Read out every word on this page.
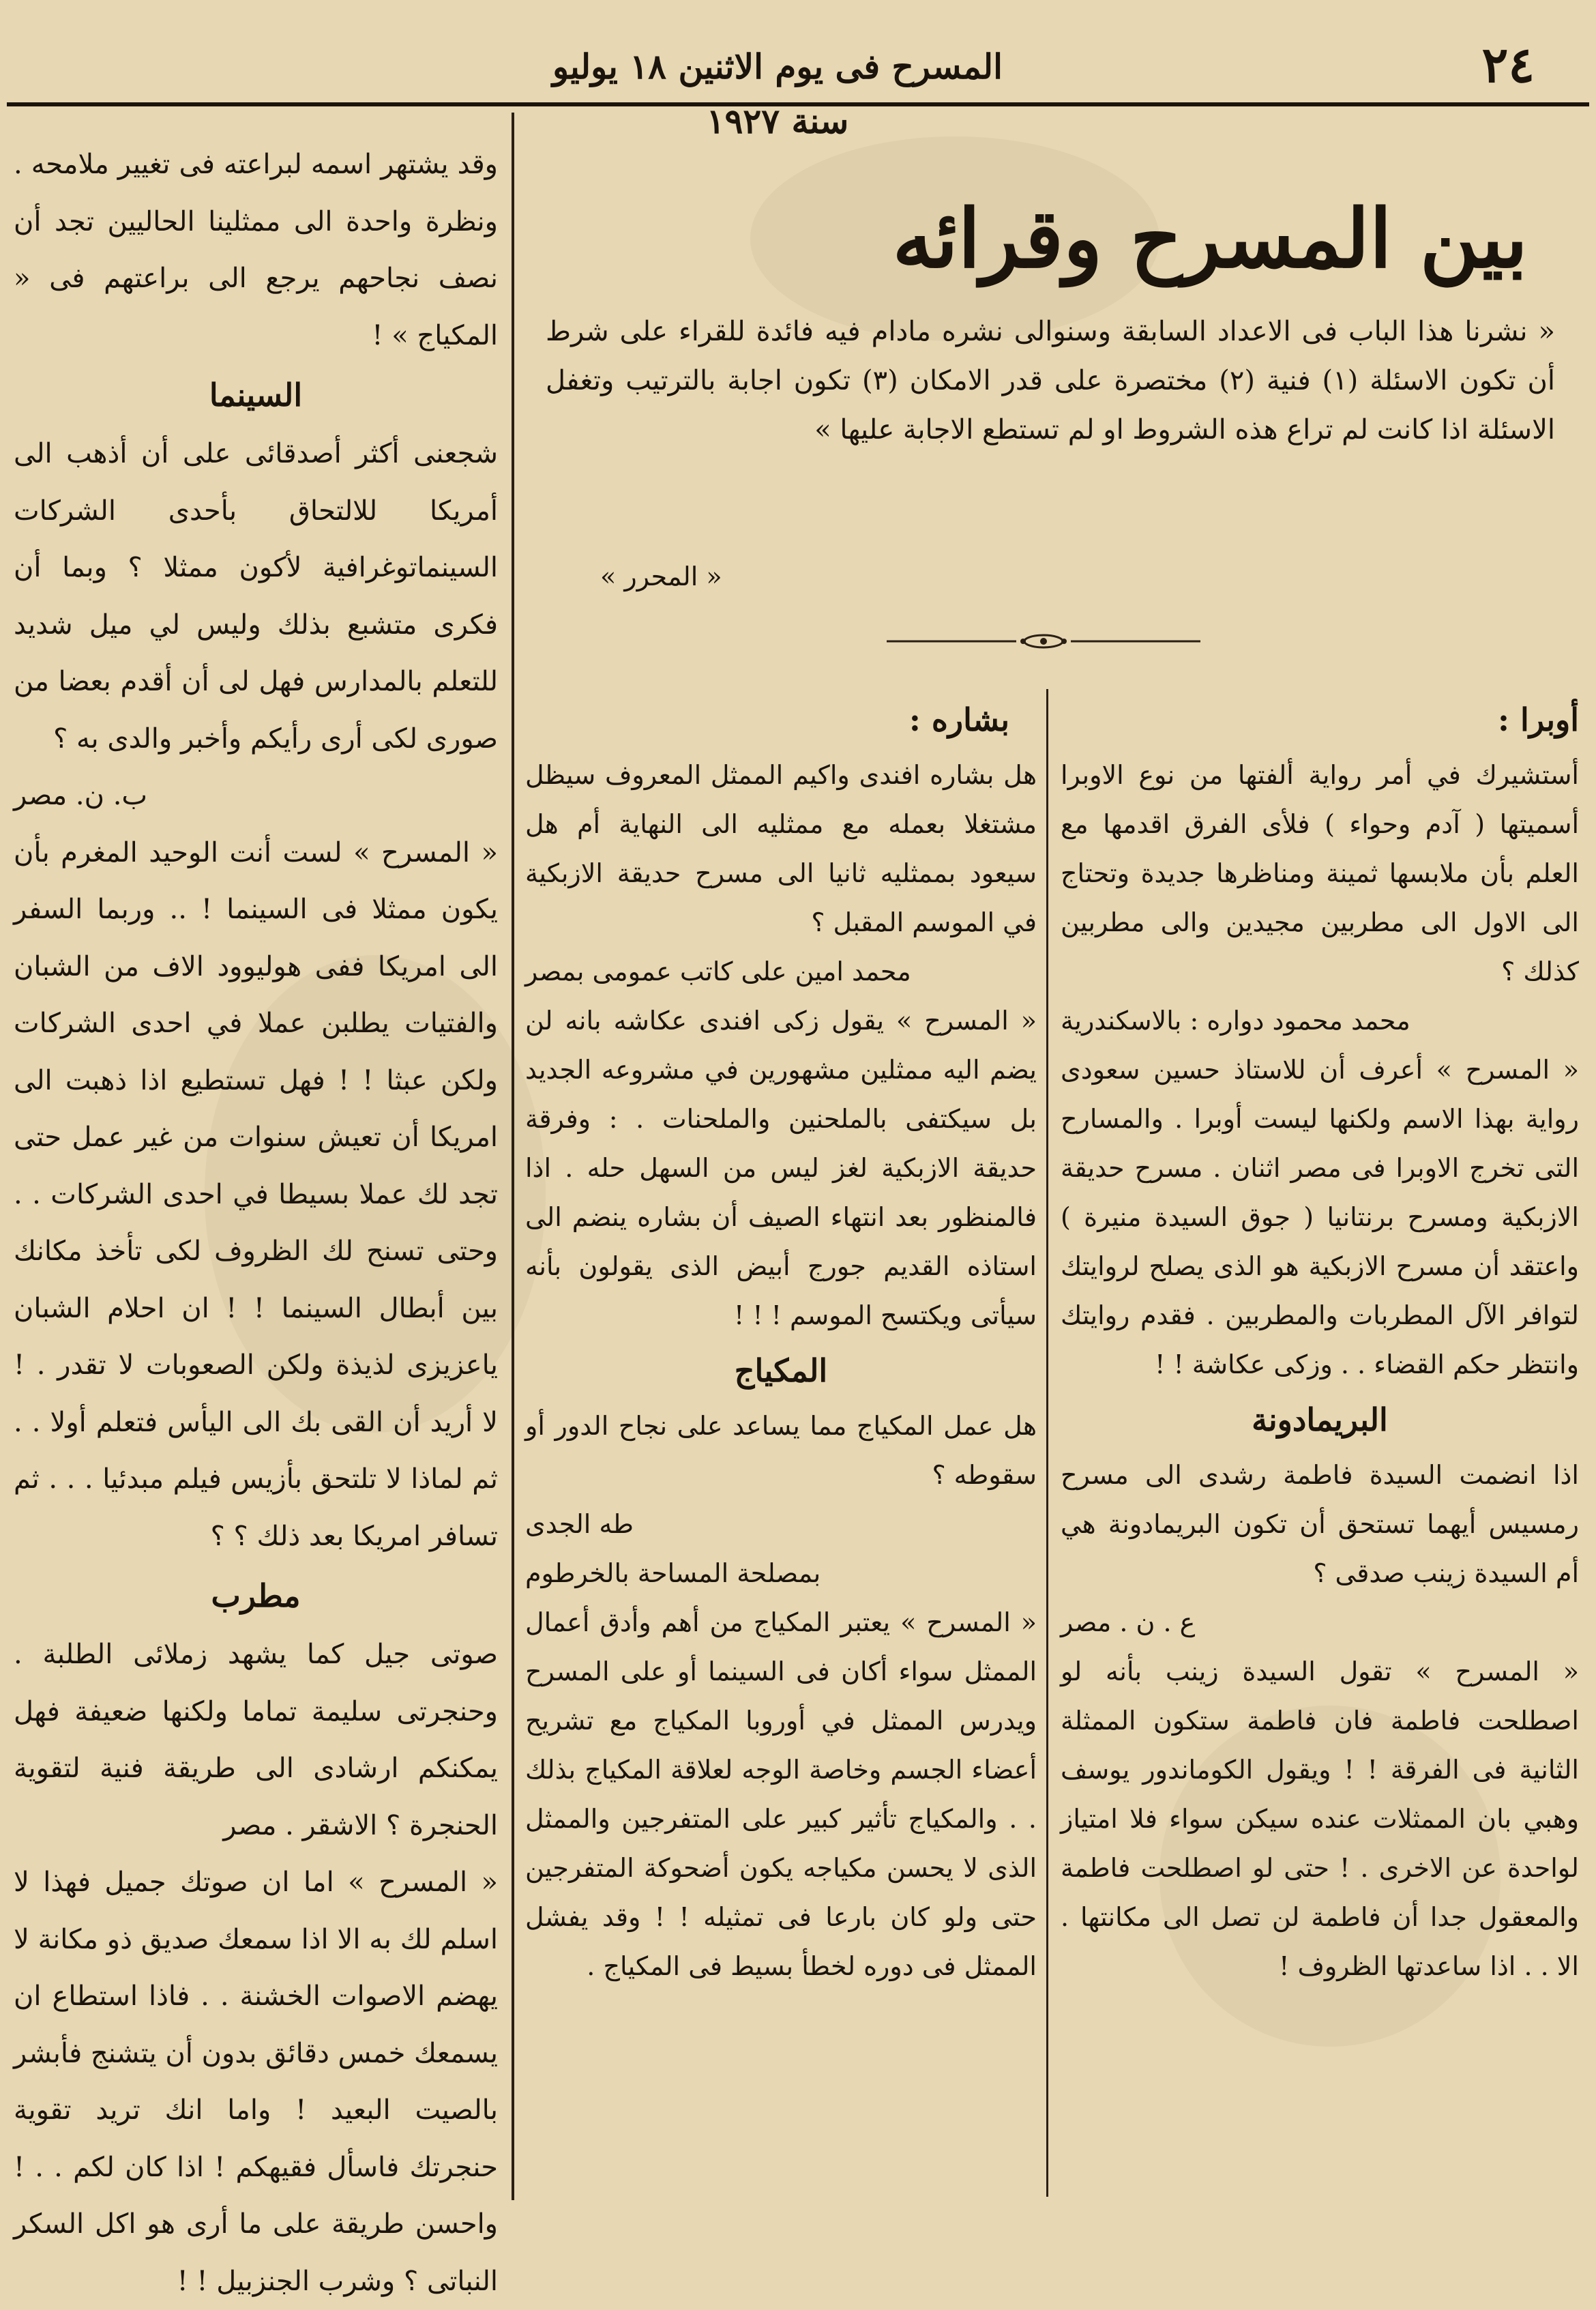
٢٤
المسرح فى يوم الاثنين ١٨ يوليو سنة ١٩٢٧

وقد يشتهر اسمه لبراعته فى تغيير ملامحه . ونظرة واحدة الى ممثلينا الحاليين تجد أن نصف نجاحهم يرجع الى براعتهم فى « المكياج » !

السينما

شجعنى أكثر أصدقائى على أن أذهب الى أمريكا للالتحاق بأحدى الشركات السينماتوغرافية لأكون ممثلا ؟ وبما أن فكرى متشبع بذلك وليس لي ميل شديد للتعلم بالمدارس فهل لى أن أقدم بعضا من صورى لكى أرى رأيكم وأخبر والدى به ؟

ب. ن. مصر

« المسرح » لست أنت الوحيد المغرم بأن يكون ممثلا فى السينما ! .. وربما السفر الى امريكا ففى هوليوود الاف من الشبان والفتيات يطلبن عملا في احدى الشركات ولكن عبثا ! ! فهل تستطيع اذا ذهبت الى امريكا أن تعيش سنوات من غير عمل حتى تجد لك عملا بسيطا في احدى الشركات . . وحتى تسنح لك الظروف لكى تأخذ مكانك بين أبطال السينما ! ! ان احلام الشبان ياعزيزى لذيذة ولكن الصعوبات لا تقدر . ! لا أريد أن القى بك الى اليأس فتعلم أولا . . ثم لماذا لا تلتحق بأزيس فيلم مبدئيا . . . ثم تسافر امريكا بعد ذلك ؟ ؟

مطرب

صوتى جيل كما يشهد زملائى الطلبة . وحنجرتى سليمة تماما ولكنها ضعيفة فهل يمكنكم ارشادى الى طريقة فنية لتقوية الحنجرة ؟ الاشقر . مصر

« المسرح » اما ان صوتك جميل فهذا لا اسلم لك به الا اذا سمعك صديق ذو مكانة لا يهضم الاصوات الخشنة . . فاذا استطاع ان يسمعك خمس دقائق بدون أن يتشنج فأبشر بالصيت البعيد ! واما انك تريد تقوية حنجرتك فاسأل فقيهكم ! اذا كان لكم . . ! واحسن طريقة على ما أرى هو اكل السكر النباتى ؟ وشرب الجنزبيل ! !

بين المسرح وقرائه

« نشرنا هذا الباب فى الاعداد السابقة وسنوالى نشره مادام فيه فائدة للقراء على شرط أن تكون الاسئلة (١) فنية (٢) مختصرة على قدر الامكان (٣) تكون اجابة بالترتيب وتغفل الاسئلة اذا كانت لم تراع هذه الشروط او لم تستطع الاجابة عليها »

« المحرر »
بشاره :

هل بشاره افندى واكيم الممثل المعروف سيظل مشتغلا بعمله مع ممثليه الى النهاية أم هل سيعود بممثليه ثانيا الى مسرح حديقة الازبكية في الموسم المقبل ؟

محمد امين على كاتب عمومى بمصر

« المسرح » يقول زكى افندى عكاشه بانه لن يضم اليه ممثلين مشهورين في مشروعه الجديد بل سيكتفى بالملحنين والملحنات . : وفرقة حديقة الازبكية لغز ليس من السهل حله . اذا فالمنظور بعد انتهاء الصيف أن بشاره ينضم الى استاذه القديم جورج أبيض الذى يقولون بأنه سيأتى ويكتسح الموسم ! ! !

المكياج

هل عمل المكياج مما يساعد على نجاح الدور أو سقوطه ؟

طه الجدى

بمصلحة المساحة بالخرطوم

« المسرح » يعتبر المكياج من أهم وأدق أعمال الممثل سواء أكان فى السينما أو على المسرح ويدرس الممثل في أوروبا المكياج مع تشريح أعضاء الجسم وخاصة الوجه لعلاقة المكياج بذلك . . والمكياج تأثير كبير على المتفرجين والممثل الذى لا يحسن مكياجه يكون أضحوكة المتفرجين حتى ولو كان بارعا فى تمثيله ! ! وقد يفشل الممثل فى دوره لخطأ بسيط فى المكياج .

أوبرا :

أستشيرك في أمر رواية ألفتها من نوع الاوبرا أسميتها ( آدم وحواء ) فلأى الفرق اقدمها مع العلم بأن ملابسها ثمينة ومناظرها جديدة وتحتاج الى الاول الى مطربين مجيدين والى مطربين كذلك ؟

محمد محمود دواره : بالاسكندرية

« المسرح » أعرف أن للاستاذ حسين سعودى رواية بهذا الاسم ولكنها ليست أوبرا . والمسارح التى تخرج الاوبرا فى مصر اثنان . مسرح حديقة الازبكية ومسرح برنتانيا ( جوق السيدة منيرة ) واعتقد أن مسرح الازبكية هو الذى يصلح لروايتك لتوافر الآل المطربات والمطربين . فقدم روايتك وانتظر حكم القضاء . . وزكى عكاشة ! !

البريمادونة

اذا انضمت السيدة فاطمة رشدى الى مسرح رمسيس أيهما تستحق أن تكون البريمادونة هي أم السيدة زينب صدقى ؟

ع . ن . مصر

« المسرح » تقول السيدة زينب بأنه لو اصطلحت فاطمة فان فاطمة ستكون الممثلة الثانية فى الفرقة ! ! ويقول الكوماندور يوسف وهبي بان الممثلات عنده سيكن سواء فلا امتياز لواحدة عن الاخرى . ! حتى لو اصطلحت فاطمة والمعقول جدا أن فاطمة لن تصل الى مكانتها . الا . . اذا ساعدتها الظروف !
